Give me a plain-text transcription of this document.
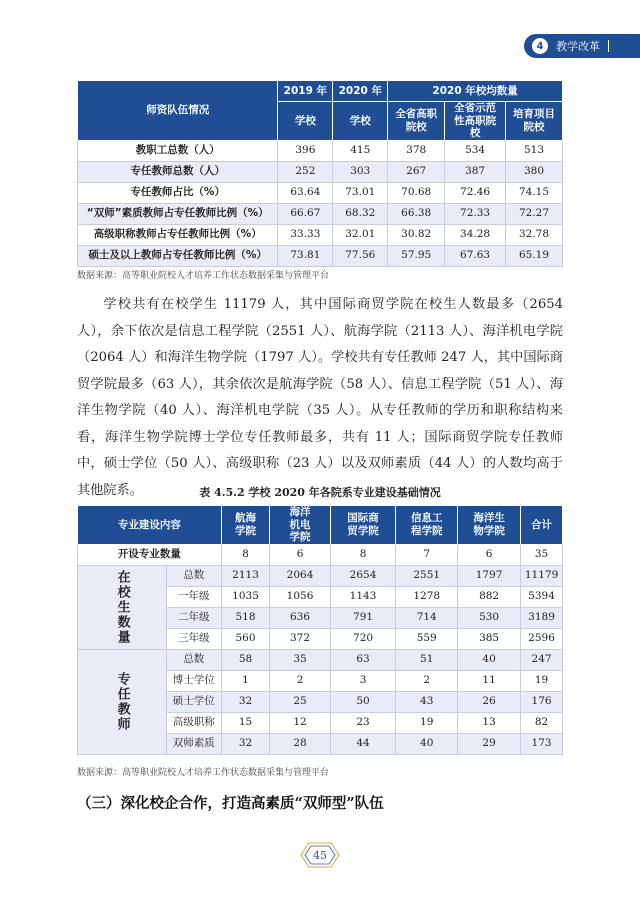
4	教学改革
师资队伍情况	2019 年	2020 年	2020 年校均数量		
	学校	学校	全省高职院校	全省示范性高职院校	培育项目院校
教职工总数（人）	396	415	378	534	513
专任教师总数（人）	252	303	267	387	380
专任教师占比（%）	63.64	73.01	70.68	72.46	74.15
“双师”素质教师占专任教师比例（%）	66.67	68.32	66.38	72.33	72.27
高级职称教师占专任教师比例（%）	33.33	32.01	30.82	34.28	32.78
硕士及以上教师占专任教师比例（%）	73.81	77.56	57.95	67.63	65.19
数据来源：高等职业院校人才培养工作状态数据采集与管理平台
学校共有在校学生 11179 人，其中国际商贸学院在校生人数最多（2654 人），余下依次是信息工程学院（2551 人）、航海学院（2113 人）、海洋机电学院（2064 人）和海洋生物学院（1797 人）。学校共有专任教师 247 人，其中国际商贸学院最多（63 人），其余依次是航海学院（58 人）、信息工程学院（51 人）、海洋生物学院（40 人）、海洋机电学院（35 人）。从专任教师的学历和职称结构来看，海洋生物学院博士学位专任教师最多，共有 11 人；国际商贸学院专任教师中，硕士学位（50 人）、高级职称（23 人）以及双师素质（44 人）的人数均高于其他院系。	表 4.5.2 学校 2020 年各院系专业建设基础情况
专业建设内容		航海学院	海洋机电学院	国际商贸学院	信息工程学院	海洋生物学院	合计
开设专业数量		8	6	8	7	6	35
在校生数量	总数	2113	2064	2654	2551	1797	11179
	一年级	1035	1056	1143	1278	882	5394
	二年级	518	636	791	714	530	3189
	三年级	560	372	720	559	385	2596
专任教师	总数	58	35	63	51	40	247
	博士学位	1	2	3	2	11	19
	硕士学位	32	25	50	43	26	176
	高级职称	15	12	23	19	13	82
	双师素质	32	28	44	40	29	173
数据来源：高等职业院校人才培养工作状态数据采集与管理平台
（三）深化校企合作，打造高素质“双师型”队伍
45
